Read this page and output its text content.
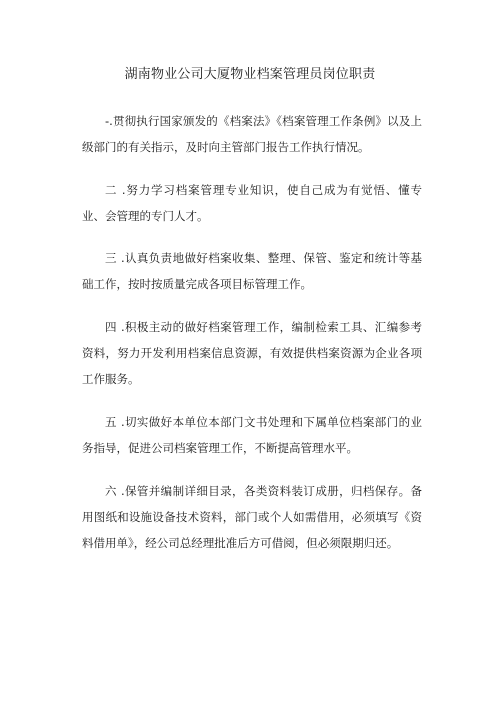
湖南物业公司大厦物业档案管理员岗位职责

-.贯彻执行国家颁发的《档案法》《档案管理工作条例》以及上级部门的有关指示，及时向主管部门报告工作执行情况。

二 .努力学习档案管理专业知识，使自己成为有觉悟、懂专业、会管理的专门人才。

三 .认真负责地做好档案收集、整理、保管、鉴定和统计等基础工作，按时按质量完成各项目标管理工作。

四 .积极主动的做好档案管理工作，编制检索工具、汇编参考资料，努力开发利用档案信息资源，有效提供档案资源为企业各项工作服务。

五 .切实做好本单位本部门文书处理和下属单位档案部门的业务指导，促进公司档案管理工作，不断提高管理水平。

六 .保管并编制详细目录，各类资料装订成册，归档保存。备用图纸和设施设备技术资料，部门或个人如需借用，必须填写《资料借用单》，经公司总经理批准后方可借阅，但必须限期归还。
